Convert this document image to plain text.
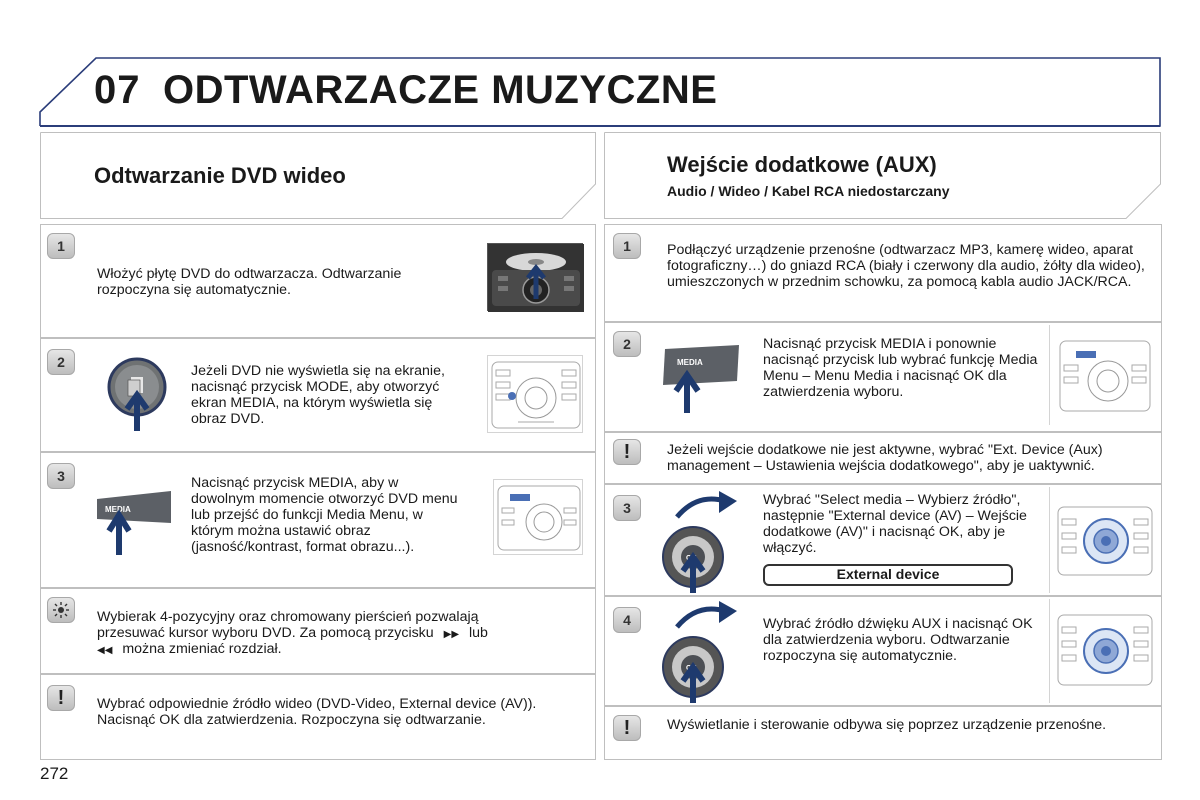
07 ODTWARZACZE MUZYCZNE
Odtwarzanie DVD wideo	Wejście dodatkowe (AUX)
Audio / Wideo / Kabel RCA niedostarczany
1
Włożyć płytę DVD do odtwarzacza. Odtwarzanie rozpoczyna się automatycznie.
2
Jeżeli DVD nie wyświetla się na ekranie, nacisnąć przycisk MODE, aby otworzyć ekran MEDIA, na którym wyświetla się obraz DVD.
3
MEDIA
Nacisnąć przycisk MEDIA, aby w dowolnym momencie otworzyć DVD menu lub przejść do funkcji Media Menu, w którym można ustawić obraz (jasność/kontrast, format obrazu...).
Wybierak 4-pozycyjny oraz chromowany pierścień pozwalają
przesuwać kursor wyboru DVD. Za pomocą przycisku ▶▶ lub
◀◀ można zmieniać rozdział.
!	Wybrać odpowiednie źródło wideo (DVD-Video, External device (AV)). Nacisnąć OK dla zatwierdzenia. Rozpoczyna się odtwarzanie.
1	Podłączyć urządzenie przenośne (odtwarzacz MP3, kamerę wideo, aparat fotograficzny…) do gniazd RCA (biały i czerwony dla audio, żółty dla wideo), umieszczonych w przednim schowku, za pomocą kabla audio JACK/RCA.
2
MEDIA
Nacisnąć przycisk MEDIA i ponownie nacisnąć przycisk lub wybrać funkcję Media Menu – Menu Media i nacisnąć OK dla zatwierdzenia wyboru.
!	Jeżeli wejście dodatkowe nie jest aktywne, wybrać "Ext. Device (Aux) management – Ustawienia wejścia dodatkowego", aby je uaktywnić.
3
OK
Wybrać "Select media – Wybierz źródło", następnie "External device (AV) – Wejście dodatkowe (AV)" i nacisnąć OK, aby je włączyć.
External device
4
OK
Wybrać źródło dźwięku AUX i nacisnąć OK dla zatwierdzenia wyboru. Odtwarzanie rozpoczyna się automatycznie.
!	Wyświetlanie i sterowanie odbywa się poprzez urządzenie przenośne.
272
